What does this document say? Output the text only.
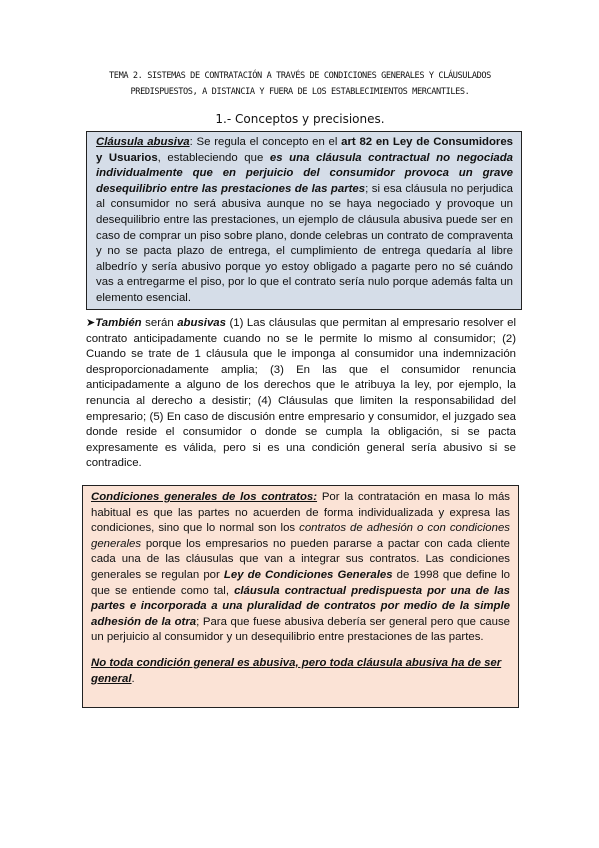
TEMA 2. SISTEMAS DE CONTRATACIÓN A TRAVÉS DE CONDICIONES GENERALES Y CLÁUSULADOS
PREDISPUESTOS, A DISTANCIA Y FUERA DE LOS ESTABLECIMIENTOS MERCANTILES.
1.- Conceptos y precisiones.

Cláusula abusiva: Se regula el concepto en el art 82 en Ley de Consumidores y Usuarios, estableciendo que es una cláusula contractual no negociada individualmente que en perjuicio del consumidor provoca un grave desequilibrio entre las prestaciones de las partes; si esa cláusula no perjudica al consumidor no será abusiva aunque no se haya negociado y provoque un desequilibrio entre las prestaciones, un ejemplo de cláusula abusiva puede ser en caso de comprar un piso sobre plano, donde celebras un contrato de compraventa y no se pacta plazo de entrega, el cumplimiento de entrega quedaría al libre albedrío y sería abusivo porque yo estoy obligado a pagarte pero no sé cuándo vas a entregarme el piso, por lo que el contrato sería nulo porque además falta un elemento esencial.

➤También serán abusivas (1) Las cláusulas que permitan al empresario resolver el contrato anticipadamente cuando no se le permite lo mismo al consumidor; (2) Cuando se trate de 1 cláusula que le imponga al consumidor una indemnización desproporcionadamente amplia; (3) En las que el consumidor renuncia anticipadamente a alguno de los derechos que le atribuya la ley, por ejemplo, la renuncia al derecho a desistir; (4) Cláusulas que limiten la responsabilidad del empresario; (5) En caso de discusión entre empresario y consumidor, el juzgado sea donde reside el consumidor o donde se cumpla la obligación, si se pacta expresamente es válida, pero si es una condición general sería abusivo si se contradice.

Condiciones generales de los contratos: Por la contratación en masa lo más habitual es que las partes no acuerden de forma individualizada y expresa las condiciones, sino que lo normal son los contratos de adhesión o con condiciones generales porque los empresarios no pueden pararse a pactar con cada cliente cada una de las cláusulas que van a integrar sus contratos. Las condiciones generales se regulan por Ley de Condiciones Generales de 1998 que define lo que se entiende como tal, cláusula contractual predispuesta por una de las partes e incorporada a una pluralidad de contratos por medio de la simple adhesión de la otra; Para que fuese abusiva debería ser general pero que cause un perjuicio al consumidor y un desequilibrio entre prestaciones de las partes.

No toda condición general es abusiva, pero toda cláusula abusiva ha de ser general.
